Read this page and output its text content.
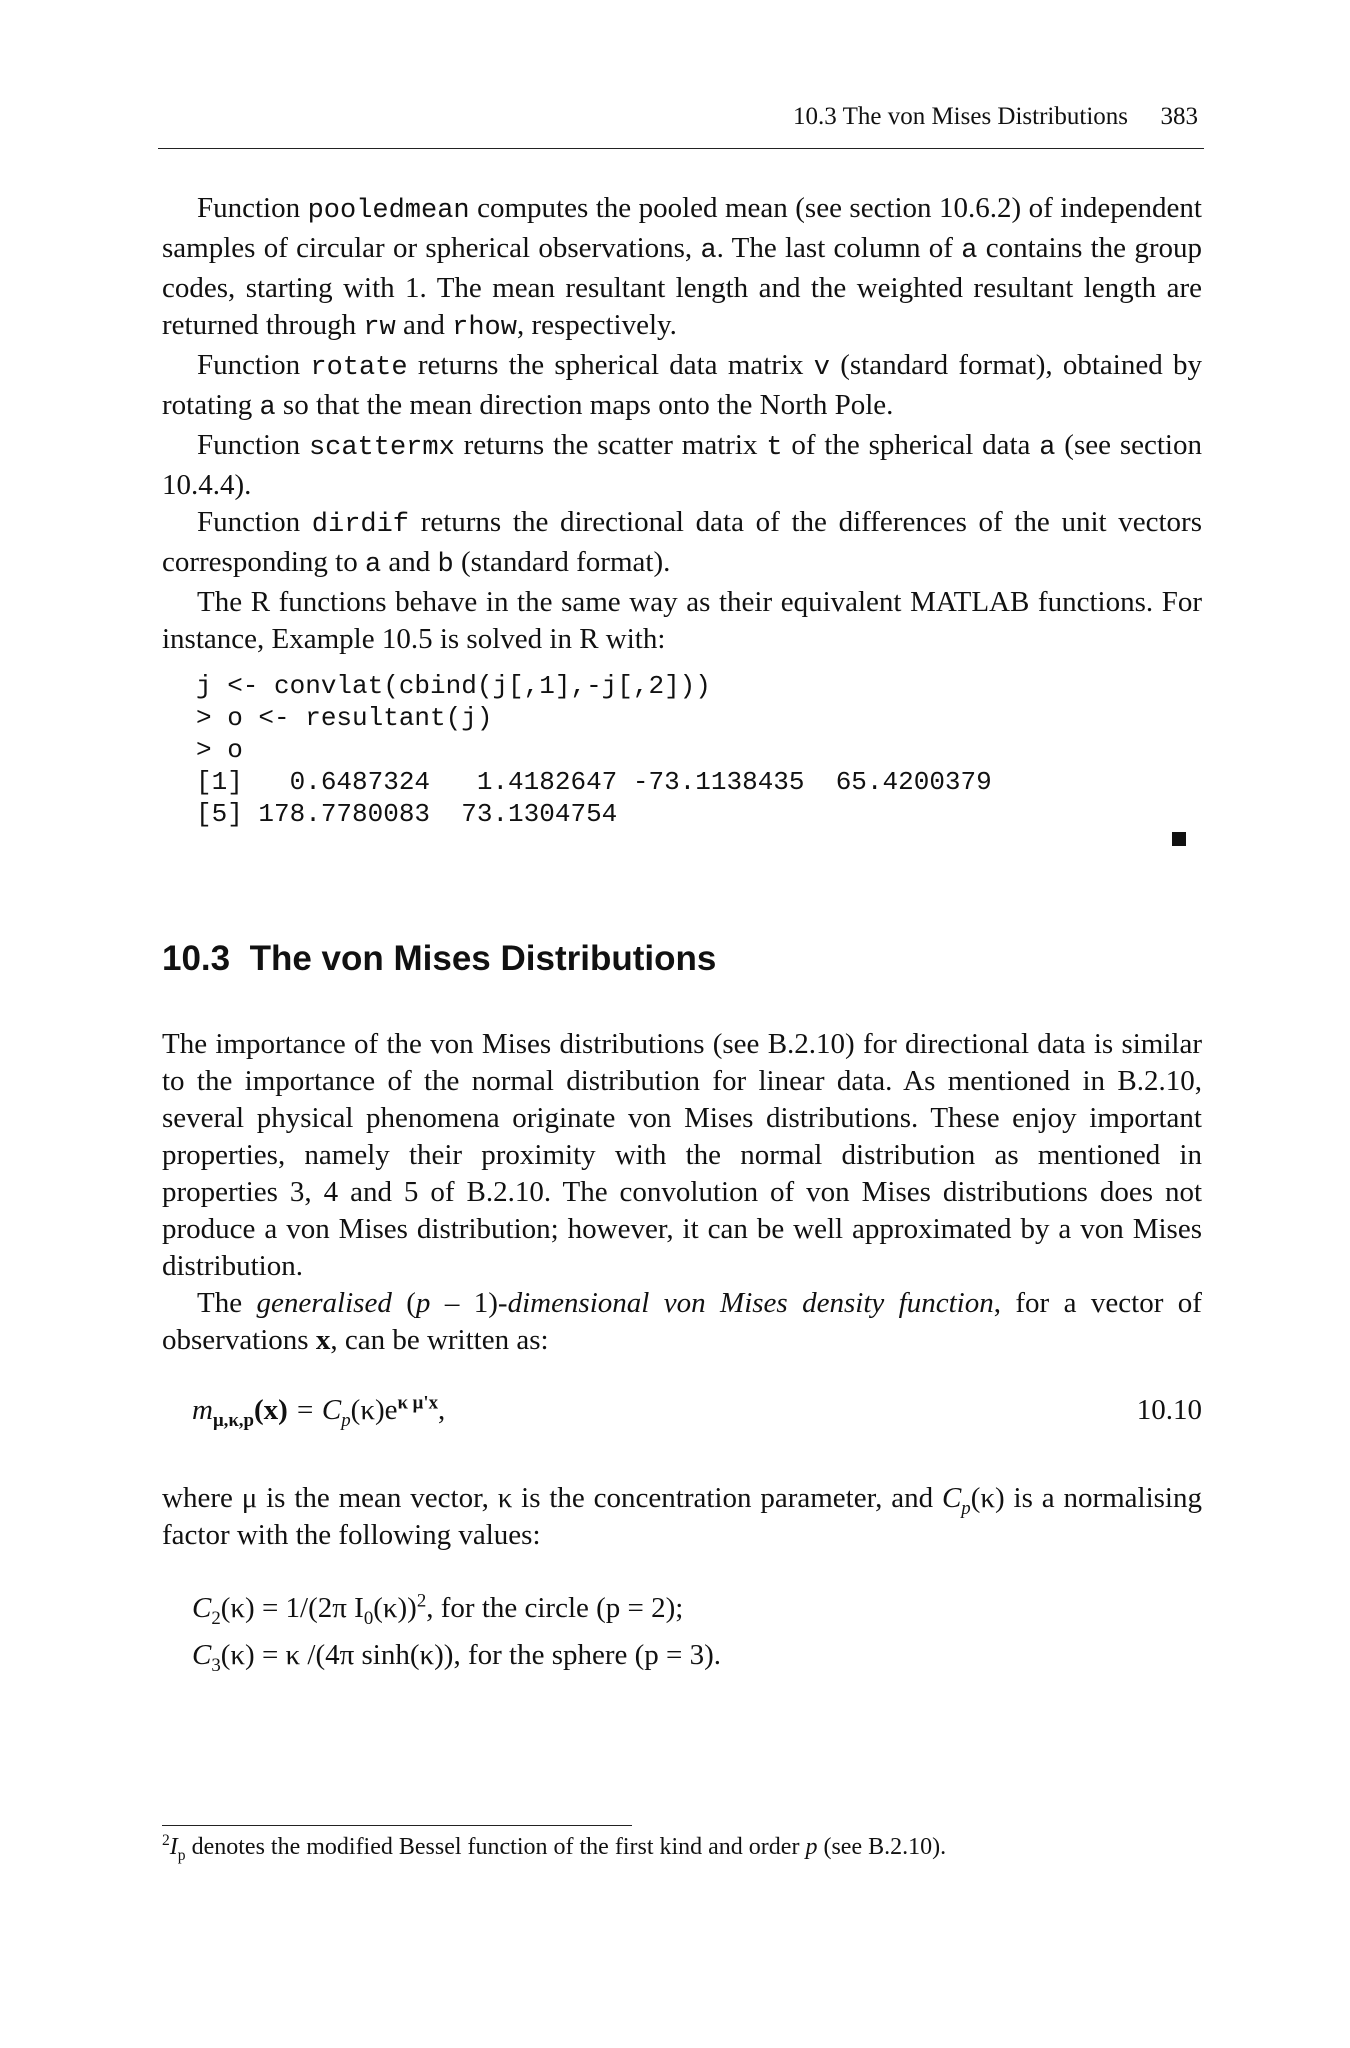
10.3 The von Mises Distributions 383

Function pooledmean computes the pooled mean (see section 10.6.2) of independent samples of circular or spherical observations, a. The last column of a contains the group codes, starting with 1. The mean resultant length and the weighted resultant length are returned through rw and rhow, respectively.

Function rotate returns the spherical data matrix v (standard format), obtained by rotating a so that the mean direction maps onto the North Pole.

Function scattermx returns the scatter matrix t of the spherical data a (see section 10.4.4).

Function dirdif returns the directional data of the differences of the unit vectors corresponding to a and b (standard format).

The R functions behave in the same way as their equivalent MATLAB functions. For instance, Example 10.5 is solved in R with:

j <- convlat(cbind(j[,1],-j[,2]))
> o <- resultant(j)
> o
[1]   0.6487324   1.4182647 -73.1138435  65.4200379
[5] 178.7780083  73.1304754
10.3 The von Mises Distributions

The importance of the von Mises distributions (see B.2.10) for directional data is similar to the importance of the normal distribution for linear data. As mentioned in B.2.10, several physical phenomena originate von Mises distributions. These enjoy important properties, namely their proximity with the normal distribution as mentioned in properties 3, 4 and 5 of B.2.10. The convolution of von Mises distributions does not produce a von Mises distribution; however, it can be well approximated by a von Mises distribution.

The generalised (p – 1)-dimensional von Mises density function, for a vector of observations x, can be written as:

$m_{\mu,\kappa,p}(x) = C_p(\kappa)e^{\kappa \mu'x}$,	10.10

where μ is the mean vector, κ is the concentration parameter, and $C_p(\kappa)$ is a normalising factor with the following values:

$C_2(\kappa) = 1/(2\pi$ $I_0(\kappa))^2$, for the circle (p = 2);
$C_3(\kappa) = \kappa$ /(4π sinh(κ)), for the sphere (p = 3).
$^2I_p$ denotes the modified Bessel function of the first kind and order p (see B.2.10).
